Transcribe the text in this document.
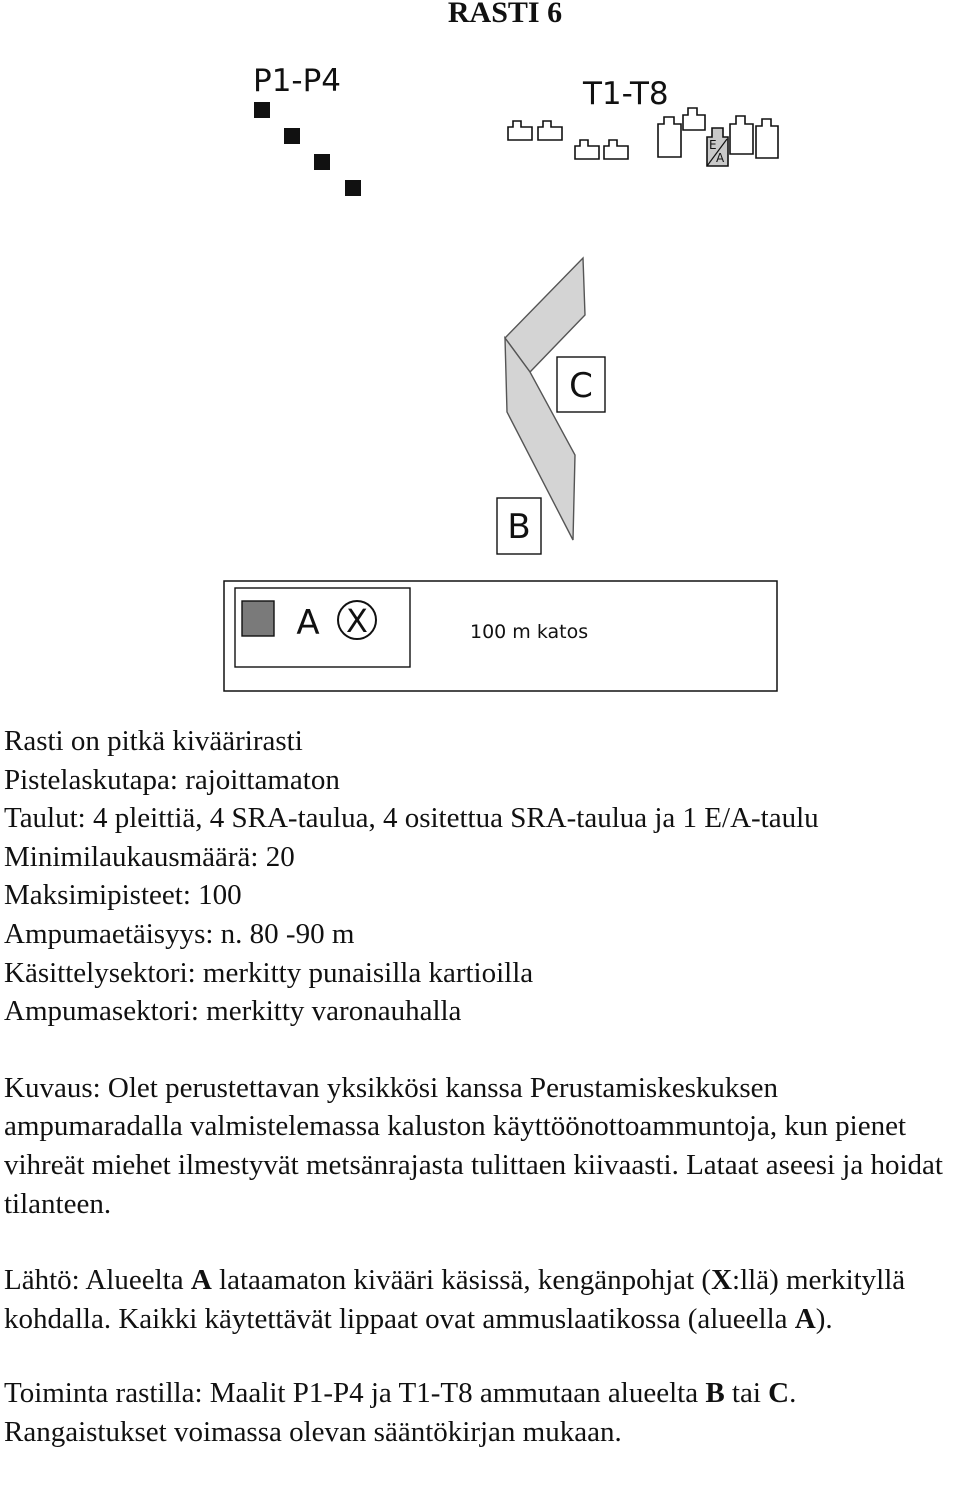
RASTI 6
P1-P4	T1-T8
E
A
C
B
100 m katos
A X

Rasti on pitkä kiväärirasti

Pistelaskutapa: rajoittamaton

Taulut: 4 pleittiä, 4 SRA-taulua, 4 ositettua SRA-taulua ja 1 E/A-taulu

Minimilaukausmäärä: 20

Maksimipisteet: 100

Ampumaetäisyys: n. 80 -90 m

Käsittelysektori: merkitty punaisilla kartioilla

Ampumasektori: merkitty varonauhalla

Kuvaus: Olet perustettavan yksikkösi kanssa Perustamiskeskuksen ampumaradalla valmistelemassa kaluston käyttöönottoammuntoja, kun pienet vihreät miehet ilmestyvät metsänrajasta tulittaen kiivaasti. Lataat aseesi ja hoidat tilanteen.

Lähtö: Alueelta A lataamaton kivääri käsissä, kengänpohjat (X:llä) merkityllä kohdalla. Kaikki käytettävät lippaat ovat ammuslaatikossa (alueella A).

Toiminta rastilla: Maalit P1-P4 ja T1-T8 ammutaan alueelta B tai C.

Rangaistukset voimassa olevan sääntökirjan mukaan.
